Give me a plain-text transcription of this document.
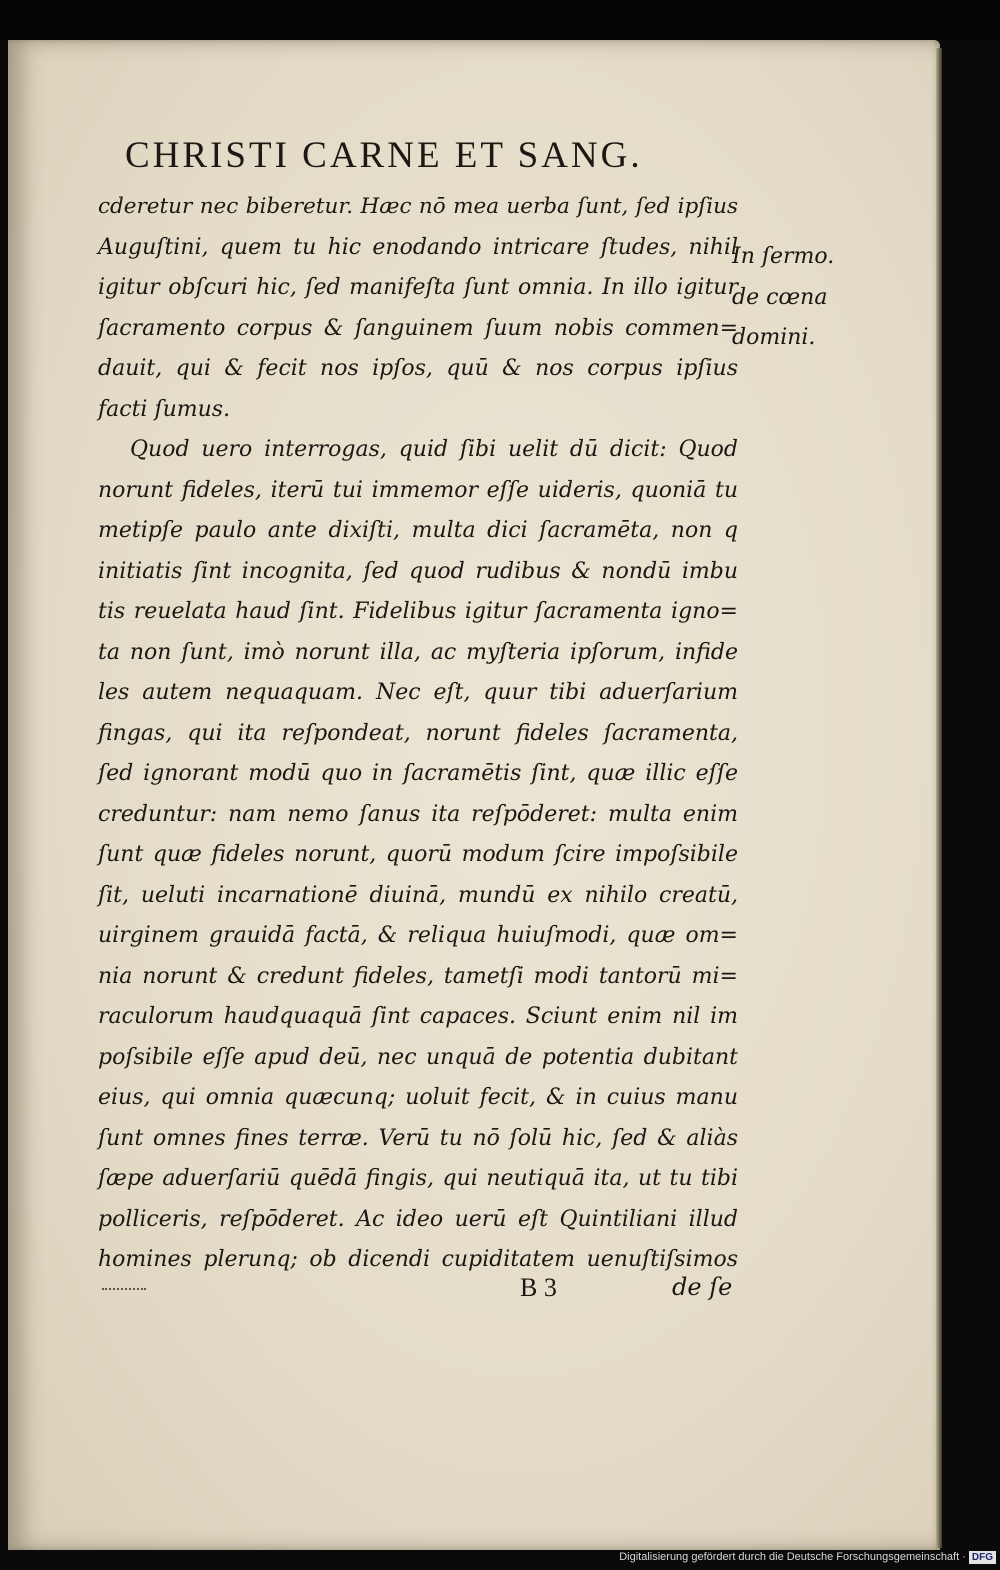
CHRISTI CARNE ET SANG.
cderetur nec biberetur. Hæc nō mea uerba ſunt, ſed ipſius
Auguſtini, quem tu hic enodando intricare ſtudes, nihil
igitur obſcuri hic, ſed manifeſta ſunt omnia. In illo igitur
ſacramento corpus & ſanguinem ſuum nobis commen=
dauit, qui & fecit nos ipſos, quū & nos corpus ipſius
facti ſumus.
Quod uero interrogas, quid ſibi uelit dū dicit: Quod
norunt fideles, iterū tui immemor eſſe uideris, quoniā tu
metipſe paulo ante dixiſti, multa dici ſacramēta, non q
initiatis ſint incognita, ſed quod rudibus & nondū imbu
tis reuelata haud ſint. Fidelibus igitur ſacramenta igno=
ta non ſunt, imò norunt illa, ac myſteria ipſorum, infide
les autem nequaquam. Nec eſt, quur tibi aduerſarium
fingas, qui ita reſpondeat, norunt fideles ſacramenta,
ſed ignorant modū quo in ſacramētis ſint, quæ illic eſſe
creduntur: nam nemo ſanus ita reſpōderet: multa enim
ſunt quæ fideles norunt, quorū modum ſcire impoſsibile
ſit, ueluti incarnationē diuinā, mundū ex nihilo creatū,
uirginem grauidā factā, & reliqua huiuſmodi, quæ om=
nia norunt & credunt fideles, tametſi modi tantorū mi=
raculorum haudquaquā ſint capaces. Sciunt enim nil im
poſsibile eſſe apud deū, nec unquā de potentia dubitant
eius, qui omnia quæcunq; uoluit fecit, & in cuius manu
ſunt omnes fines terræ. Verū tu nō ſolū hic, ſed & aliàs
ſæpe aduerſariū quēdā fingis, qui neutiquā ita, ut tu tibi
polliceris, reſpōderet. Ac ideo uerū eſt Quintiliani illud
homines plerunq; ob dicendi cupiditatem uenuſtiſsimos
In ſermo.
de cœna
domini.
B 3	de ſe
Digitalisierung gefördert durch die Deutsche Forschungsgemeinschaft · DFG
